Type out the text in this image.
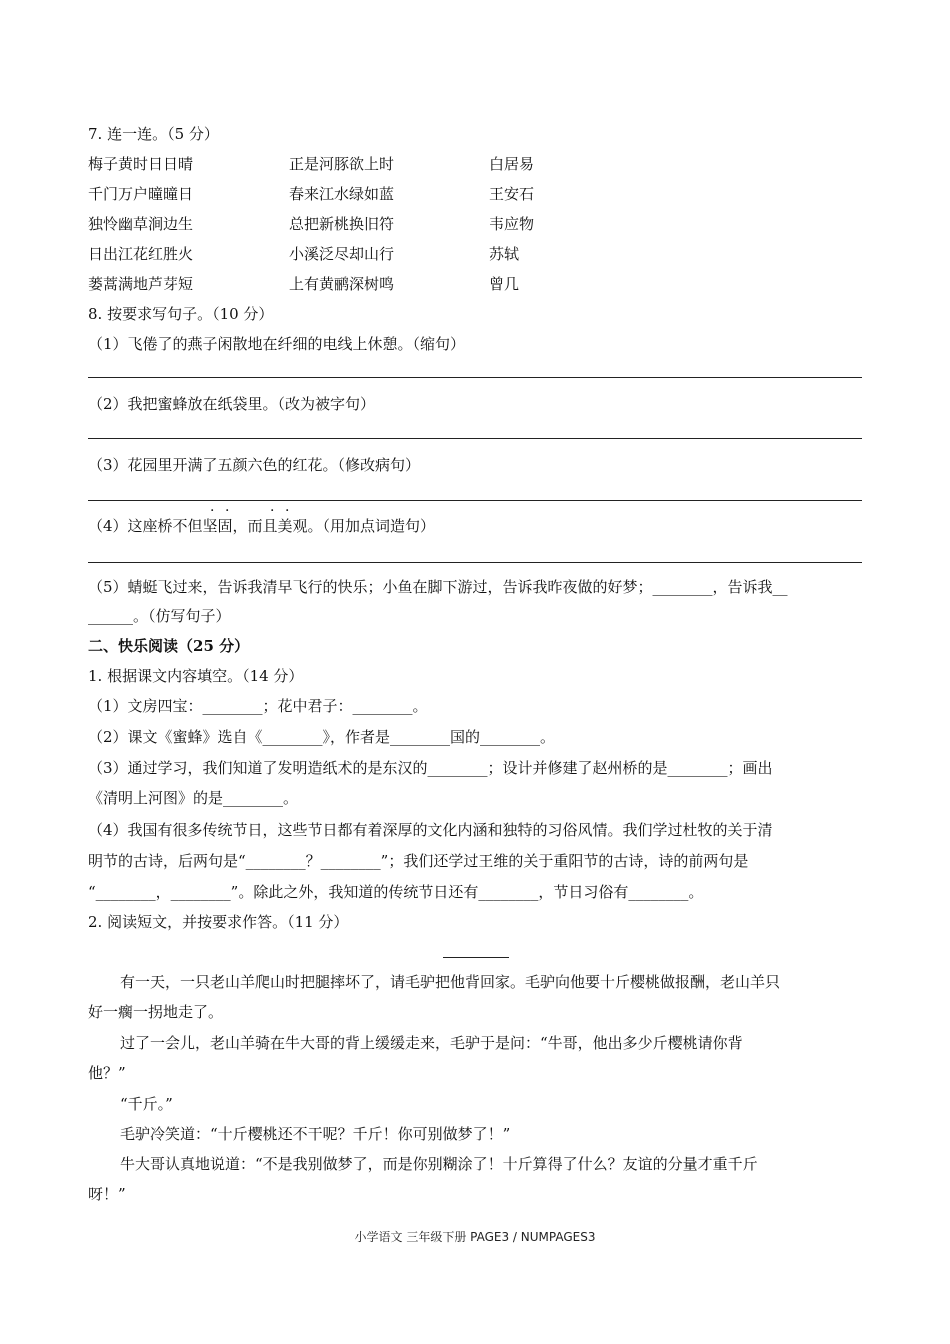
7. 连一连。（5 分）
梅子黄时日日晴	正是河豚欲上时	白居易
千门万户曈曈日	春来江水绿如蓝	王安石
独怜幽草涧边生	总把新桃换旧符	韦应物
日出江花红胜火	小溪泛尽却山行	苏轼
蒌蒿满地芦芽短	上有黄鹂深树鸣	曾几
8. 按要求写句子。（10 分）
（1）飞倦了的燕子闲散地在纤细的电线上休憩。（缩句）
（2）我把蜜蜂放在纸袋里。（改为被字句）
（3）花园里开满了五颜六色的红花。（修改病句）
· ·	· ·
（4）这座桥不但坚固，而且美观。（用加点词造句）
（5）蜻蜓飞过来，告诉我清早飞行的快乐；小鱼在脚下游过，告诉我昨夜做的好梦；________，告诉我__
______。（仿写句子）
二、快乐阅读（25 分）
1. 根据课文内容填空。（14 分）
（1）文房四宝：________；花中君子：________。
（2）课文《蜜蜂》选自《________》，作者是________国的________。
（3）通过学习，我们知道了发明造纸术的是东汉的________；设计并修建了赵州桥的是________；画出
《清明上河图》的是________。
（4）我国有很多传统节日，这些节日都有着深厚的文化内涵和独特的习俗风情。我们学过杜牧的关于清
明节的古诗，后两句是“________？________”；我们还学过王维的关于重阳节的古诗，诗的前两句是
“________，________”。除此之外，我知道的传统节日还有________，节日习俗有________。
2. 阅读短文，并按要求作答。（11 分）
有一天，一只老山羊爬山时把腿摔坏了，请毛驴把他背回家。毛驴向他要十斤樱桃做报酬，老山羊只
好一瘸一拐地走了。
过了一会儿，老山羊骑在牛大哥的背上缓缓走来，毛驴于是问：“牛哥，他出多少斤樱桃请你背
他？”
“千斤。”
毛驴冷笑道：“十斤樱桃还不干呢？千斤！你可别做梦了！”
牛大哥认真地说道：“不是我别做梦了，而是你别糊涂了！十斤算得了什么？友谊的分量才重千斤
呀！”
小学语文 三年级下册 PAGE3 / NUMPAGES3
